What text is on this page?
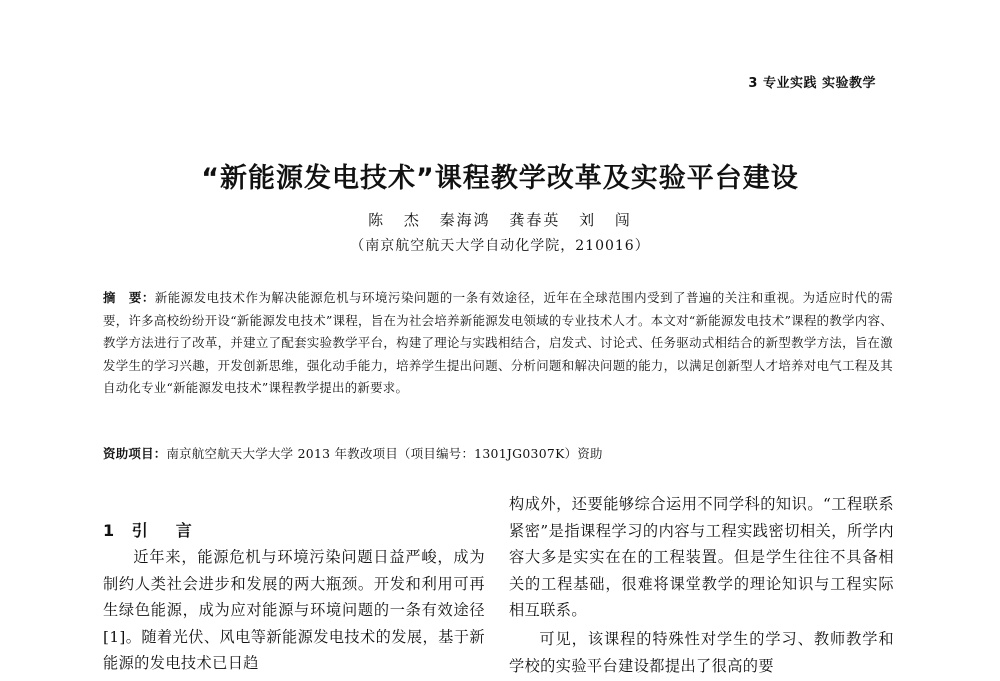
3 专业实践 实验教学
“新能源发电技术”课程教学改革及实验平台建设
陈 杰 秦海鸿 龚春英 刘 闯
（南京航空航天大学自动化学院，210016）
摘　要：新能源发电技术作为解决能源危机与环境污染问题的一条有效途径，近年在全球范围内受到了普遍的关注和重视。为适应时代的需要，许多高校纷纷开设“新能源发电技术”课程，旨在为社会培养新能源发电领域的专业技术人才。本文对“新能源发电技术”课程的教学内容、教学方法进行了改革，并建立了配套实验教学平台，构建了理论与实践相结合，启发式、讨论式、任务驱动式相结合的新型教学方法，旨在激发学生的学习兴趣，开发创新思维，强化动手能力，培养学生提出问题、分析问题和解决问题的能力，以满足创新型人才培养对电气工程及其自动化专业“新能源发电技术”课程教学提出的新要求。
资助项目：南京航空航天大学大学 2013 年教改项目（项目编号：1301JG0307K）资助
1 引　言

近年来，能源危机与环境污染问题日益严峻，成为制约人类社会进步和发展的两大瓶颈。开发和利用可再生绿色能源，成为应对能源与环境问题的一条有效途径[1]。随着光伏、风电等新能源发电技术的发展，基于新能源的发电技术已日趋

构成外，还要能够综合运用不同学科的知识。“工程联系紧密”是指课程学习的内容与工程实践密切相关，所学内容大多是实实在在的工程装置。但是学生往往不具备相关的工程基础，很难将课堂教学的理论知识与工程实际相互联系。

可见，该课程的特殊性对学生的学习、教师教学和学校的实验平台建设都提出了很高的要
